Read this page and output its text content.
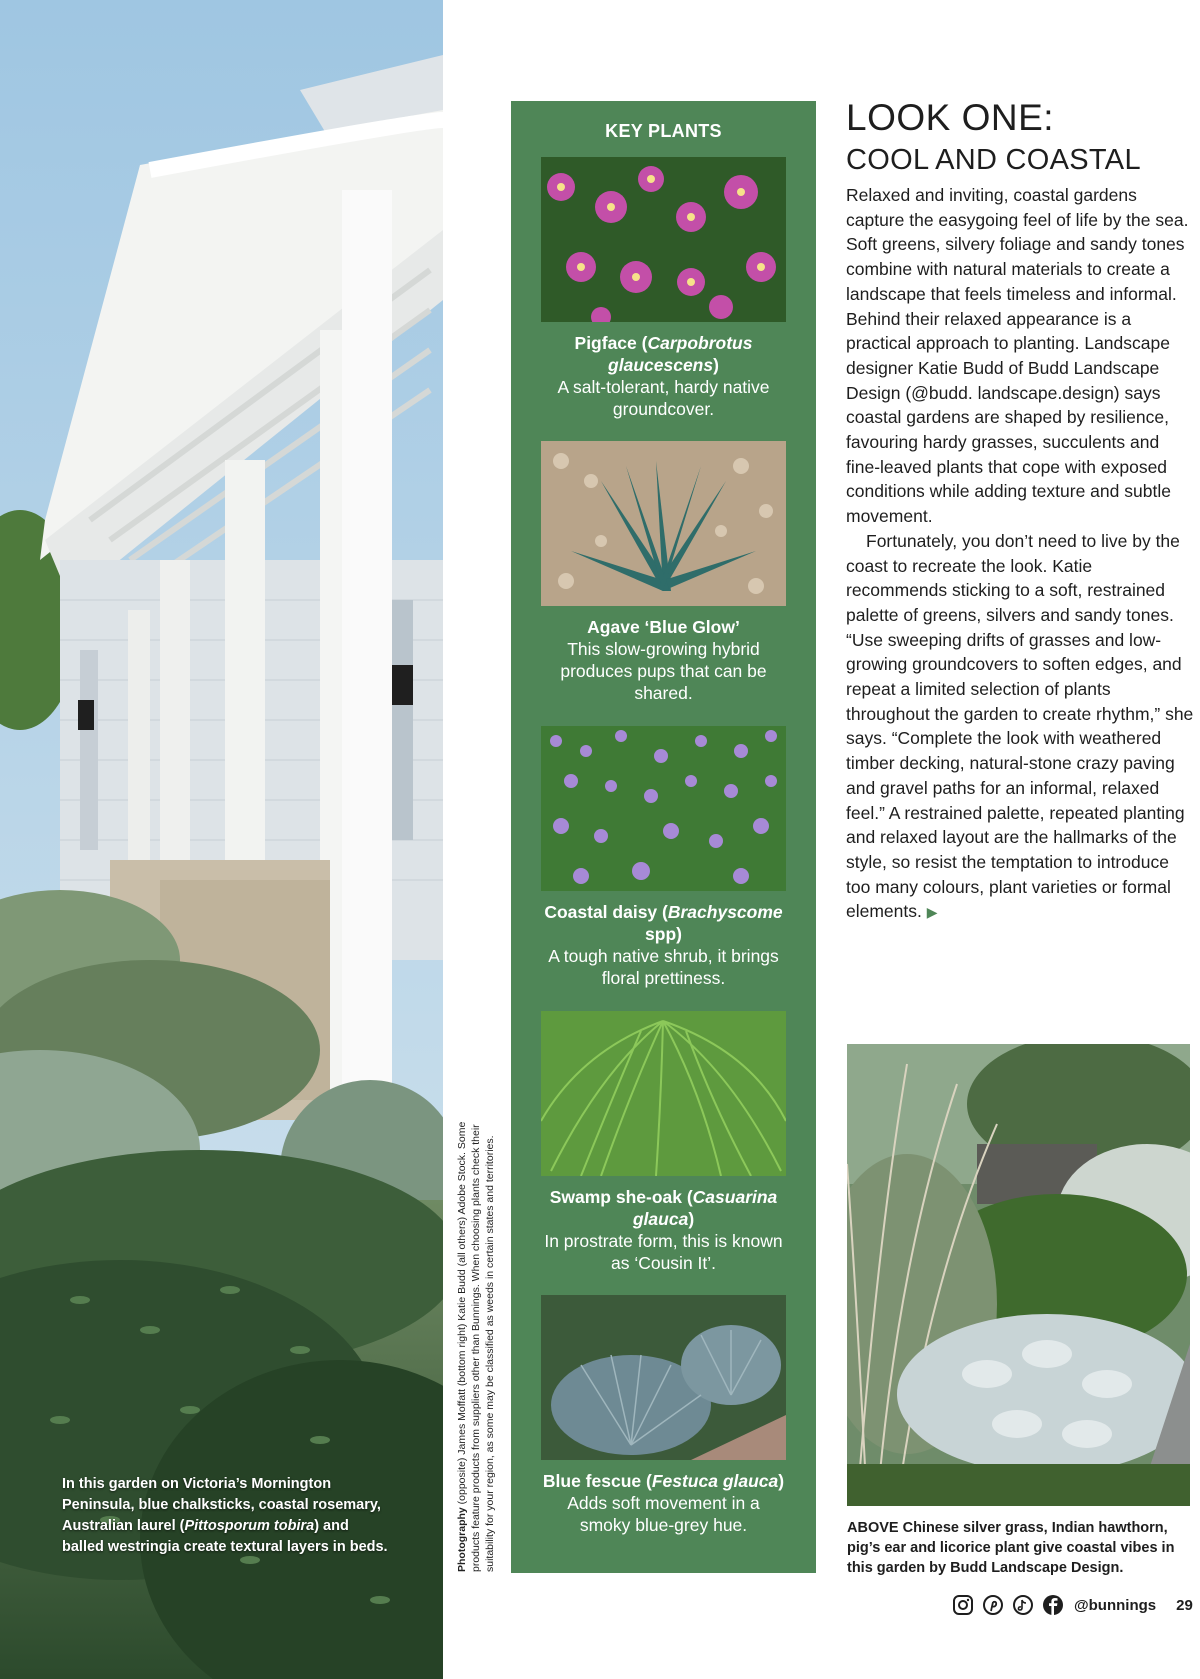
In this garden on Victoria’s Mornington Peninsula, blue chalksticks, coastal rosemary, Australian laurel (Pittosporum tobira) and balled westringia create textural layers in beds.	Photography (opposite) James Moffatt (bottom right) Katie Budd (all others) Adobe Stock. Some products feature products from suppliers other than Bunnings. When choosing plants check their suitability for your region, as some may be classified as weeds in certain states and territories.
KEY PLANTS
Pigface (Carpobrotus glaucescens)
A salt-tolerant, hardy native groundcover.
Agave ‘Blue Glow’
This slow-growing hybrid produces pups that can be shared.
Coastal daisy (Brachyscome spp)
A tough native shrub, it brings floral prettiness.
Swamp she-oak (Casuarina glauca)
In prostrate form, this is known as ‘Cousin It’.
Blue fescue (Festuca glauca)
Adds soft movement in a smoky blue-grey hue.
LOOK ONE:
COOL AND COASTAL

Relaxed and inviting, coastal gardens capture the easygoing feel of life by the sea. Soft greens, silvery foliage and sandy tones combine with natural materials to create a landscape that feels timeless and informal. Behind their relaxed appearance is a practical approach to planting. Landscape designer Katie Budd of Budd Landscape Design (@budd. landscape.design) says coastal gardens are shaped by resilience, favouring hardy grasses, succulents and fine-leaved plants that cope with exposed conditions while adding texture and subtle movement.

Fortunately, you don’t need to live by the coast to recreate the look. Katie recommends sticking to a soft, restrained palette of greens, silvers and sandy tones. “Use sweeping drifts of grasses and low-growing groundcovers to soften edges, and repeat a limited selection of plants throughout the garden to create rhythm,” she says. “Complete the look with weathered timber decking, natural-stone crazy paving and gravel paths for an informal, relaxed feel.” A restrained palette, repeated planting and relaxed layout are the hallmarks of the style, so resist the temptation to introduce too many colours, plant varieties or formal elements. ▶

ABOVE Chinese silver grass, Indian hawthorn, pig’s ear and licorice plant give coastal vibes in this garden by Budd Landscape Design.
@bunnings 29
